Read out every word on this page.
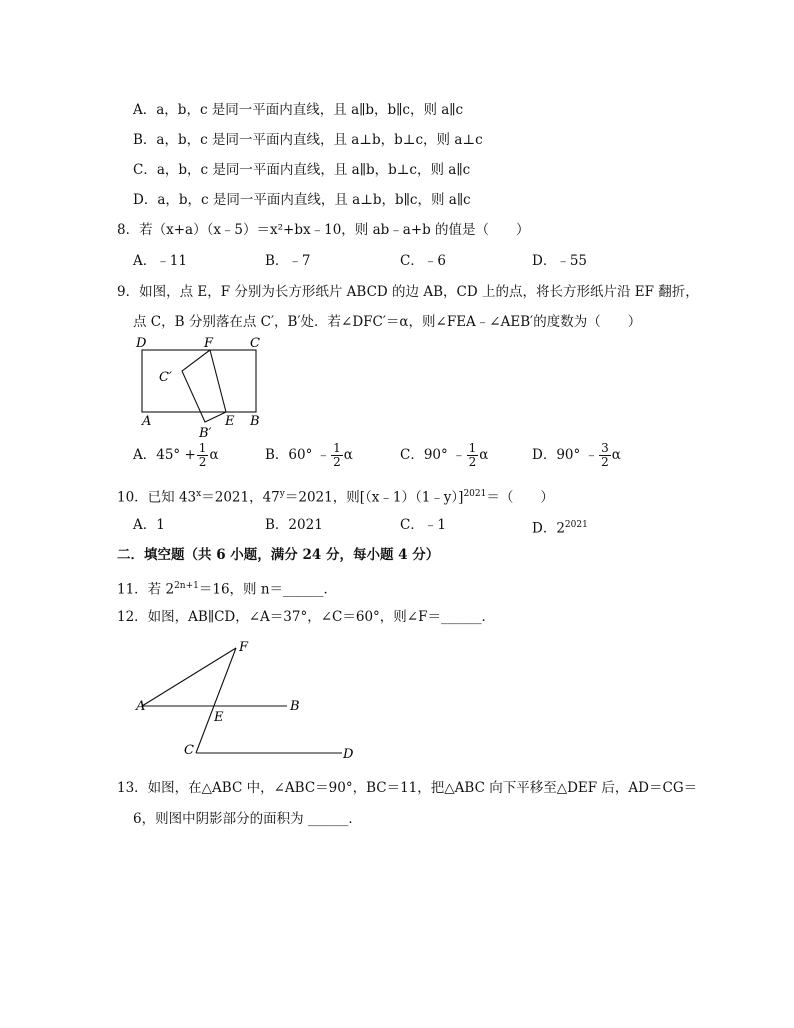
A．a，b，c 是同一平面内直线，且 a∥b，b∥c，则 a∥c
B．a，b，c 是同一平面内直线，且 a⊥b，b⊥c，则 a⊥c
C．a，b，c 是同一平面内直线，且 a∥b，b⊥c，则 a∥c
D．a，b，c 是同一平面内直线，且 a⊥b，b∥c，则 a∥c
8．若（x+a）（x﹣5）＝x²+bx﹣10，则 ab﹣a+b 的值是（　　）
A．﹣11	B．﹣7	C．﹣6	D．﹣55
9．如图，点 E，F 分别为长方形纸片 ABCD 的边 AB，CD 上的点，将长方形纸片沿 EF 翻折，
点 C，B 分别落在点 C′，B′处．若∠DFC′＝α，则∠FEA﹣∠AEB′的度数为（　　）
D	F	C
C′
A	E B
B′
A．$45^\circ + \frac{1}{2}$ α	B．60° ﹣ $\frac{1}{2}$ α	C．90° ﹣ $\frac{1}{2}$ α	D．90° ﹣ $\frac{3}{2}$ α
10．已知 $43^x=2021$，$47^y=2021$，则[（x﹣1）（1﹣y）]$^{2021}$＝（　　）
A．1	B．2021	C．﹣1	D．$2^{2021}$
二．填空题（共 6 小题，满分 24 分，每小题 4 分）
11．若 $2^{2n+1}=16$，则 n＝______．
12．如图，AB∥CD，∠A＝37°，∠C＝60°，则∠F＝______．
F
A
E
B
C	D
13．如图，在△ABC 中，∠ABC＝90°，BC＝11，把△ABC 向下平移至△DEF 后，AD＝CG＝
6，则图中阴影部分的面积为 ______．
